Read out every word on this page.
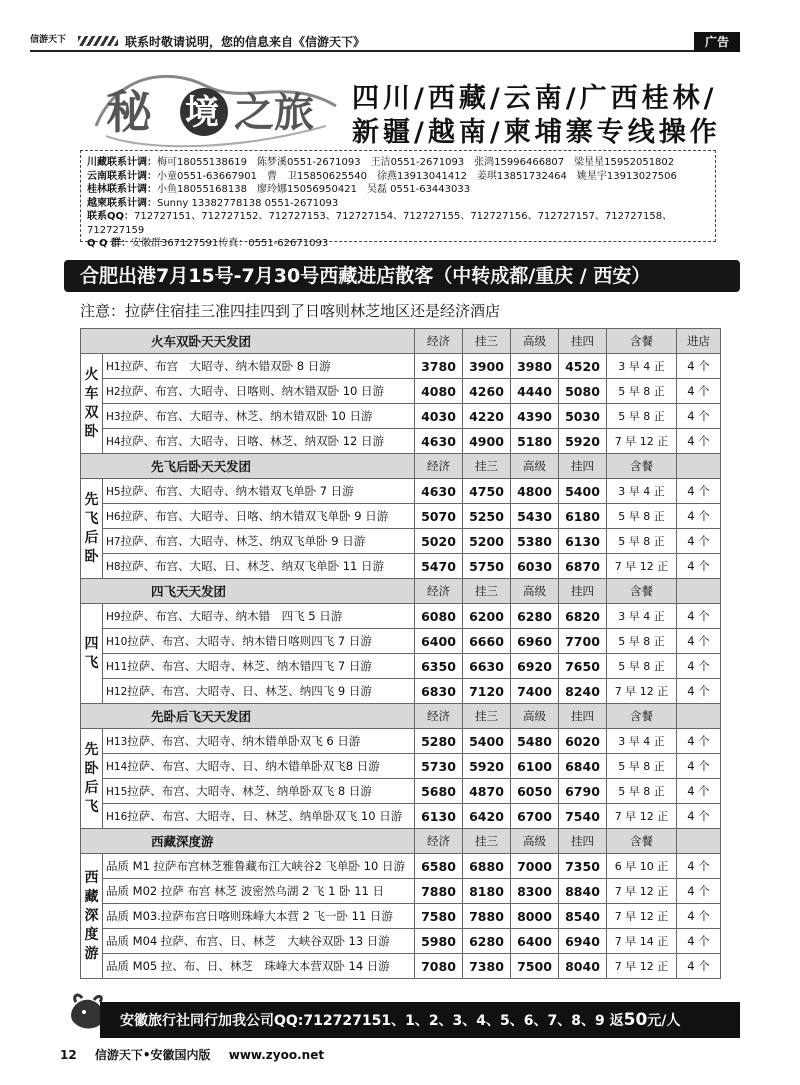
信游天下	联系时敬请说明，您的信息来自《信游天下》	广告
秘 境 之旅 四川/西藏/云南/广西桂林/
新疆/越南/柬埔寨专线操作
川藏联系计调：梅可18055138619　陈梦溪0551-2671093　王洁0551-2671093　张鸿15996466807　梁星星15952051802
云南联系计调：小童0551-63667901　曹　卫15850625540　徐燕13913041412　姜琪13851732464　姚星宇13913027506
桂林联系计调：小鱼18055168138　廖玲娜15056950421　吴磊 0551-63443033
越柬联系计调：Sunny 13382778138 0551-2671093
联系QQ：712727151、712727152、712727153、712727154、712727155、712727156、712727157、712727158、712727159
Q Q 群：安徽群367127591传真：0551-62671093
合肥出港7月15号-7月30号西藏进店散客（中转成都/重庆 / 西安）
注意：拉萨住宿挂三准四挂四到了日喀则林芝地区还是经济酒店
火车双卧天天发团		经济	挂三	高级	挂四	含餐	进店
火车双卧	H1拉萨、布宫　大昭寺、纳木错双卧 8 日游	3780	3900	3980	4520	3 早 4 正	4 个
	H2拉萨、布宫、大昭寺、日喀则、纳木错双卧 10 日游	4080	4260	4440	5080	5 早 8 正	4 个
	H3拉萨、布宫、大昭寺、林芝、纳木错双卧 10 日游	4030	4220	4390	5030	5 早 8 正	4 个
	H4拉萨、布宫、大昭寺、日喀、林芝、纳双卧 12 日游	4630	4900	5180	5920	7 早 12 正	4 个
先飞后卧天天发团		经济	挂三	高级	挂四	含餐	
先飞后卧	H5拉萨、布宫、大昭寺、纳木错双飞单卧 7 日游	4630	4750	4800	5400	3 早 4 正	4 个
	H6拉萨、布宫、大昭寺、日喀、纳木错双飞单卧 9 日游	5070	5250	5430	6180	5 早 8 正	4 个
	H7拉萨、布宫、大昭寺、林芝、纳双飞单卧 9 日游	5020	5200	5380	6130	5 早 8 正	4 个
	H8拉萨、布宫、大昭、日、林芝、纳双飞单卧 11 日游	5470	5750	6030	6870	7 早 12 正	4 个
四飞天天发团		经济	挂三	高级	挂四	含餐	
四飞	H9拉萨、布宫、大昭寺、纳木错　四飞 5 日游	6080	6200	6280	6820	3 早 4 正	4 个
	H10拉萨、布宫、大昭寺、纳木错日喀则四飞 7 日游	6400	6660	6960	7700	5 早 8 正	4 个
	H11拉萨、布宫、大昭寺、林芝、纳木错四飞 7 日游	6350	6630	6920	7650	5 早 8 正	4 个
	H12拉萨、布宫、大昭寺、日、林芝、纳四飞 9 日游	6830	7120	7400	8240	7 早 12 正	4 个
先卧后飞天天发团		经济	挂三	高级	挂四	含餐	
先卧后飞	H13拉萨、布宫、大昭寺、纳木错单卧双飞 6 日游	5280	5400	5480	6020	3 早 4 正	4 个
	H14拉萨、布宫、大昭寺、日、纳木错单卧双飞8 日游	5730	5920	6100	6840	5 早 8 正	4 个
	H15拉萨、布宫、大昭寺、林芝、纳单卧双飞 8 日游	5680	4870	6050	6790	5 早 8 正	4 个
	H16拉萨、布宫、大昭寺、日、林芝、纳单卧双飞 10 日游	6130	6420	6700	7540	7 早 12 正	4 个
西藏深度游		经济	挂三	高级	挂四	含餐	
西藏深度游	品质 M1 拉萨布宫林芝雅鲁藏布江大峡谷2 飞单卧 10 日游	6580	6880	7000	7350	6 早 10 正	4 个
	品质 M02 拉萨 布宫 林芝 波密然乌湖 2 飞 1 卧 11 日	7880	8180	8300	8840	7 早 12 正	4 个
	品质 M03.拉萨布宫日喀则珠峰大本营 2 飞一卧 11 日游	7580	7880	8000	8540	7 早 12 正	4 个
	品质 M04 拉萨、布宫、日、林芝　大峡谷双卧 13 日游	5980	6280	6400	6940	7 早 14 正	4 个
	品质 M05 拉、布、日、林芝　珠峰大本营双卧 14 日游	7080	7380	7500	8040	7 早 12 正	4 个
安徽旅行社同行加我公司QQ:712727151、1、2、3、4、5、6、7、8、9 返50元/人
12 信游天下•安徽国内版 www.zyoo.net
